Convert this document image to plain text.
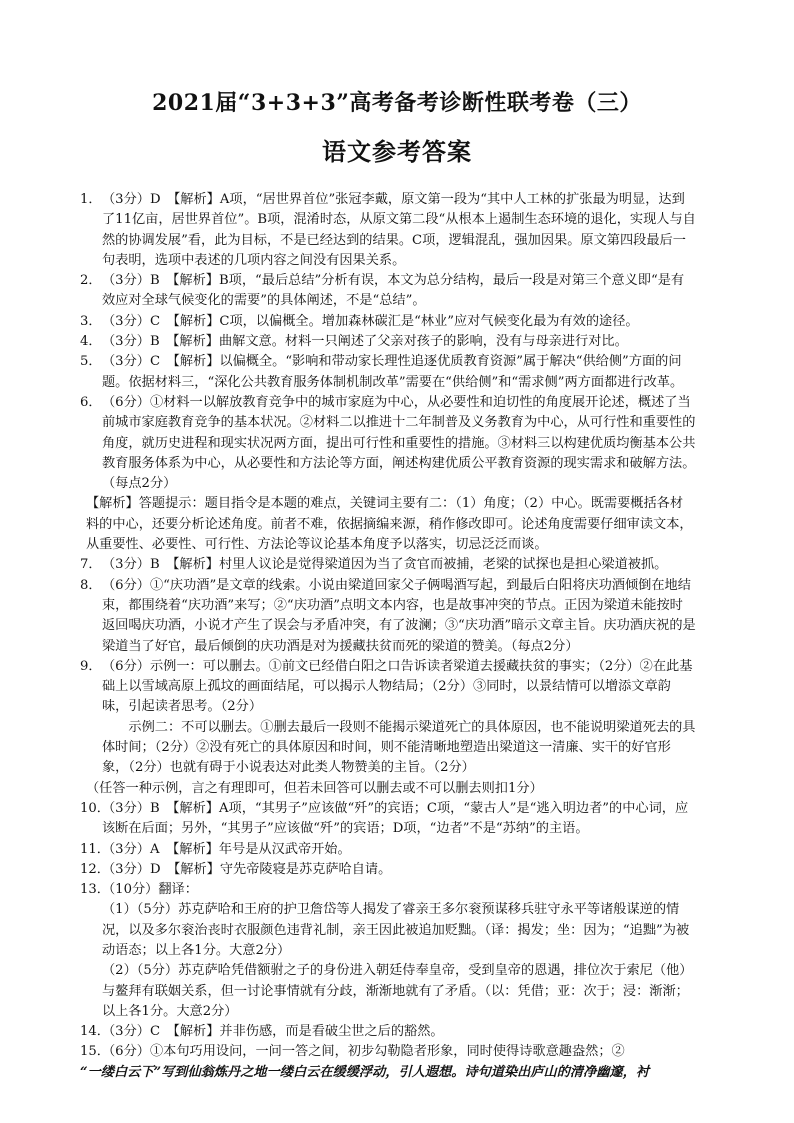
2021届“3+3+3”高考备考诊断性联考卷（三）
语文参考答案
1． （3分）D　【解析】A项，“居世界首位”张冠李戴，原文第一段为“其中人工林的扩张最为明显，达到了11亿亩，居世界首位”。B项，混淆时态，从原文第二段“从根本上遏制生态环境的退化，实现人与自然的协调发展”看，此为目标，不是已经达到的结果。C项，逻辑混乱，强加因果。原文第四段最后一句表明，选项中表述的几项内容之间没有因果关系。

2． （3分）B　【解析】B项，“最后总结”分析有误，本文为总分结构，最后一段是对第三个意义即“是有效应对全球气候变化的需要”的具体阐述，不是“总结”。

3． （3分）C　【解析】C项，以偏概全。增加森林碳汇是“林业”应对气候变化最为有效的途径。

4． （3分）B　【解析】曲解文意。材料一只阐述了父亲对孩子的影响，没有与母亲进行对比。

5． （3分）C　【解析】以偏概全。“影响和带动家长理性追逐优质教育资源”属于解决“供给侧”方面的问题。依据材料三，“深化公共教育服务体制机制改革”需要在“供给侧”和“需求侧”两方面都进行改革。

6． （6分）①材料一以解放教育竞争中的城市家庭为中心，从必要性和迫切性的角度展开论述，概述了当前城市家庭教育竞争的基本状况。②材料二以推进十二年制普及义务教育为中心，从可行性和重要性的角度，就历史进程和现实状况两方面，提出可行性和重要性的措施。③材料三以构建优质均衡基本公共教育服务体系为中心，从必要性和方法论等方面，阐述构建优质公平教育资源的现实需求和破解方法。（每点2分）

【解析】答题提示：题目指令是本题的难点，关键词主要有二：（1）角度；（2）中心。既需要概括各材料的中心，还要分析论述角度。前者不难，依据摘编来源，稍作修改即可。论述角度需要仔细审读文本，从重要性、必要性、可行性、方法论等议论基本角度予以落实，切忌泛泛而谈。

7． （3分）B　【解析】村里人议论是觉得梁道因为当了贪官而被捕，老梁的试探也是担心梁道被抓。

8． （6分）①“庆功酒”是文章的线索。小说由梁道回家父子俩喝酒写起，到最后白阳将庆功酒倾倒在地结束，都围绕着“庆功酒”来写；②“庆功酒”点明文本内容，也是故事冲突的节点。正因为梁道未能按时返回喝庆功酒，小说才产生了误会与矛盾冲突，有了波澜；③“庆功酒”暗示文章主旨。庆功酒庆祝的是梁道当了好官，最后倾倒的庆功酒是对为援藏扶贫而死的梁道的赞美。（每点2分）

9． （6分）示例一：可以删去。①前文已经借白阳之口告诉读者梁道去援藏扶贫的事实；（2分）②在此基础上以雪域高原上孤坟的画面结尾，可以揭示人物结局；（2分）③同时，以景结情可以增添文章韵味，引起读者思考。（2分）

示例二：不可以删去。①删去最后一段则不能揭示梁道死亡的具体原因，也不能说明梁道死去的具体时间；（2分）②没有死亡的具体原因和时间，则不能清晰地塑造出梁道这一清廉、实干的好官形象，（2分）也就有碍于小说表达对此类人物赞美的主旨。（2分）

（任答一种示例，言之有理即可，但若未回答可以删去或不可以删去则扣1分）

10．

（3分）B　【解析】A项，“其男子”应该做“歼”的宾语；C项，“蒙古人”是“逃入明边者”的中心词，应该断在后面；另外，“其男子”应该做“歼”的宾语；D项，“边者”不是“苏纳”的主语。

11．

（3分）A　【解析】年号是从汉武帝开始。

12．

（3分）D　【解析】守先帝陵寝是苏克萨哈自请。

13．

（10分）翻译：

（1）（5分）苏克萨哈和王府的护卫詹岱等人揭发了睿亲王多尔衮预谋移兵驻守永平等诸般谋逆的情况，以及多尔衮治丧时衣服颜色违背礼制，亲王因此被追加贬黜。（译：揭发；坐：因为；“追黜”为被动语态；以上各1分。大意2分）

（2）（5分）苏克萨哈凭借额驸之子的身份进入朝廷侍奉皇帝，受到皇帝的恩遇，排位次于索尼（他）与鳌拜有联姻关系，但一讨论事情就有分歧，渐渐地就有了矛盾。（以：凭借；亚：次于；浸：渐渐；以上各1分。大意2分）

14．

（3分）C　【解析】并非伤感，而是看破尘世之后的豁然。

15．

（6分）①本句巧用设问，一问一答之间，初步勾勒隐者形象，同时使得诗歌意趣盎然；②

“一缕白云下”写到仙翁炼丹之地一缕白云在缓缓浮动，引人遐想。诗句道染出庐山的清净幽邃，衬
